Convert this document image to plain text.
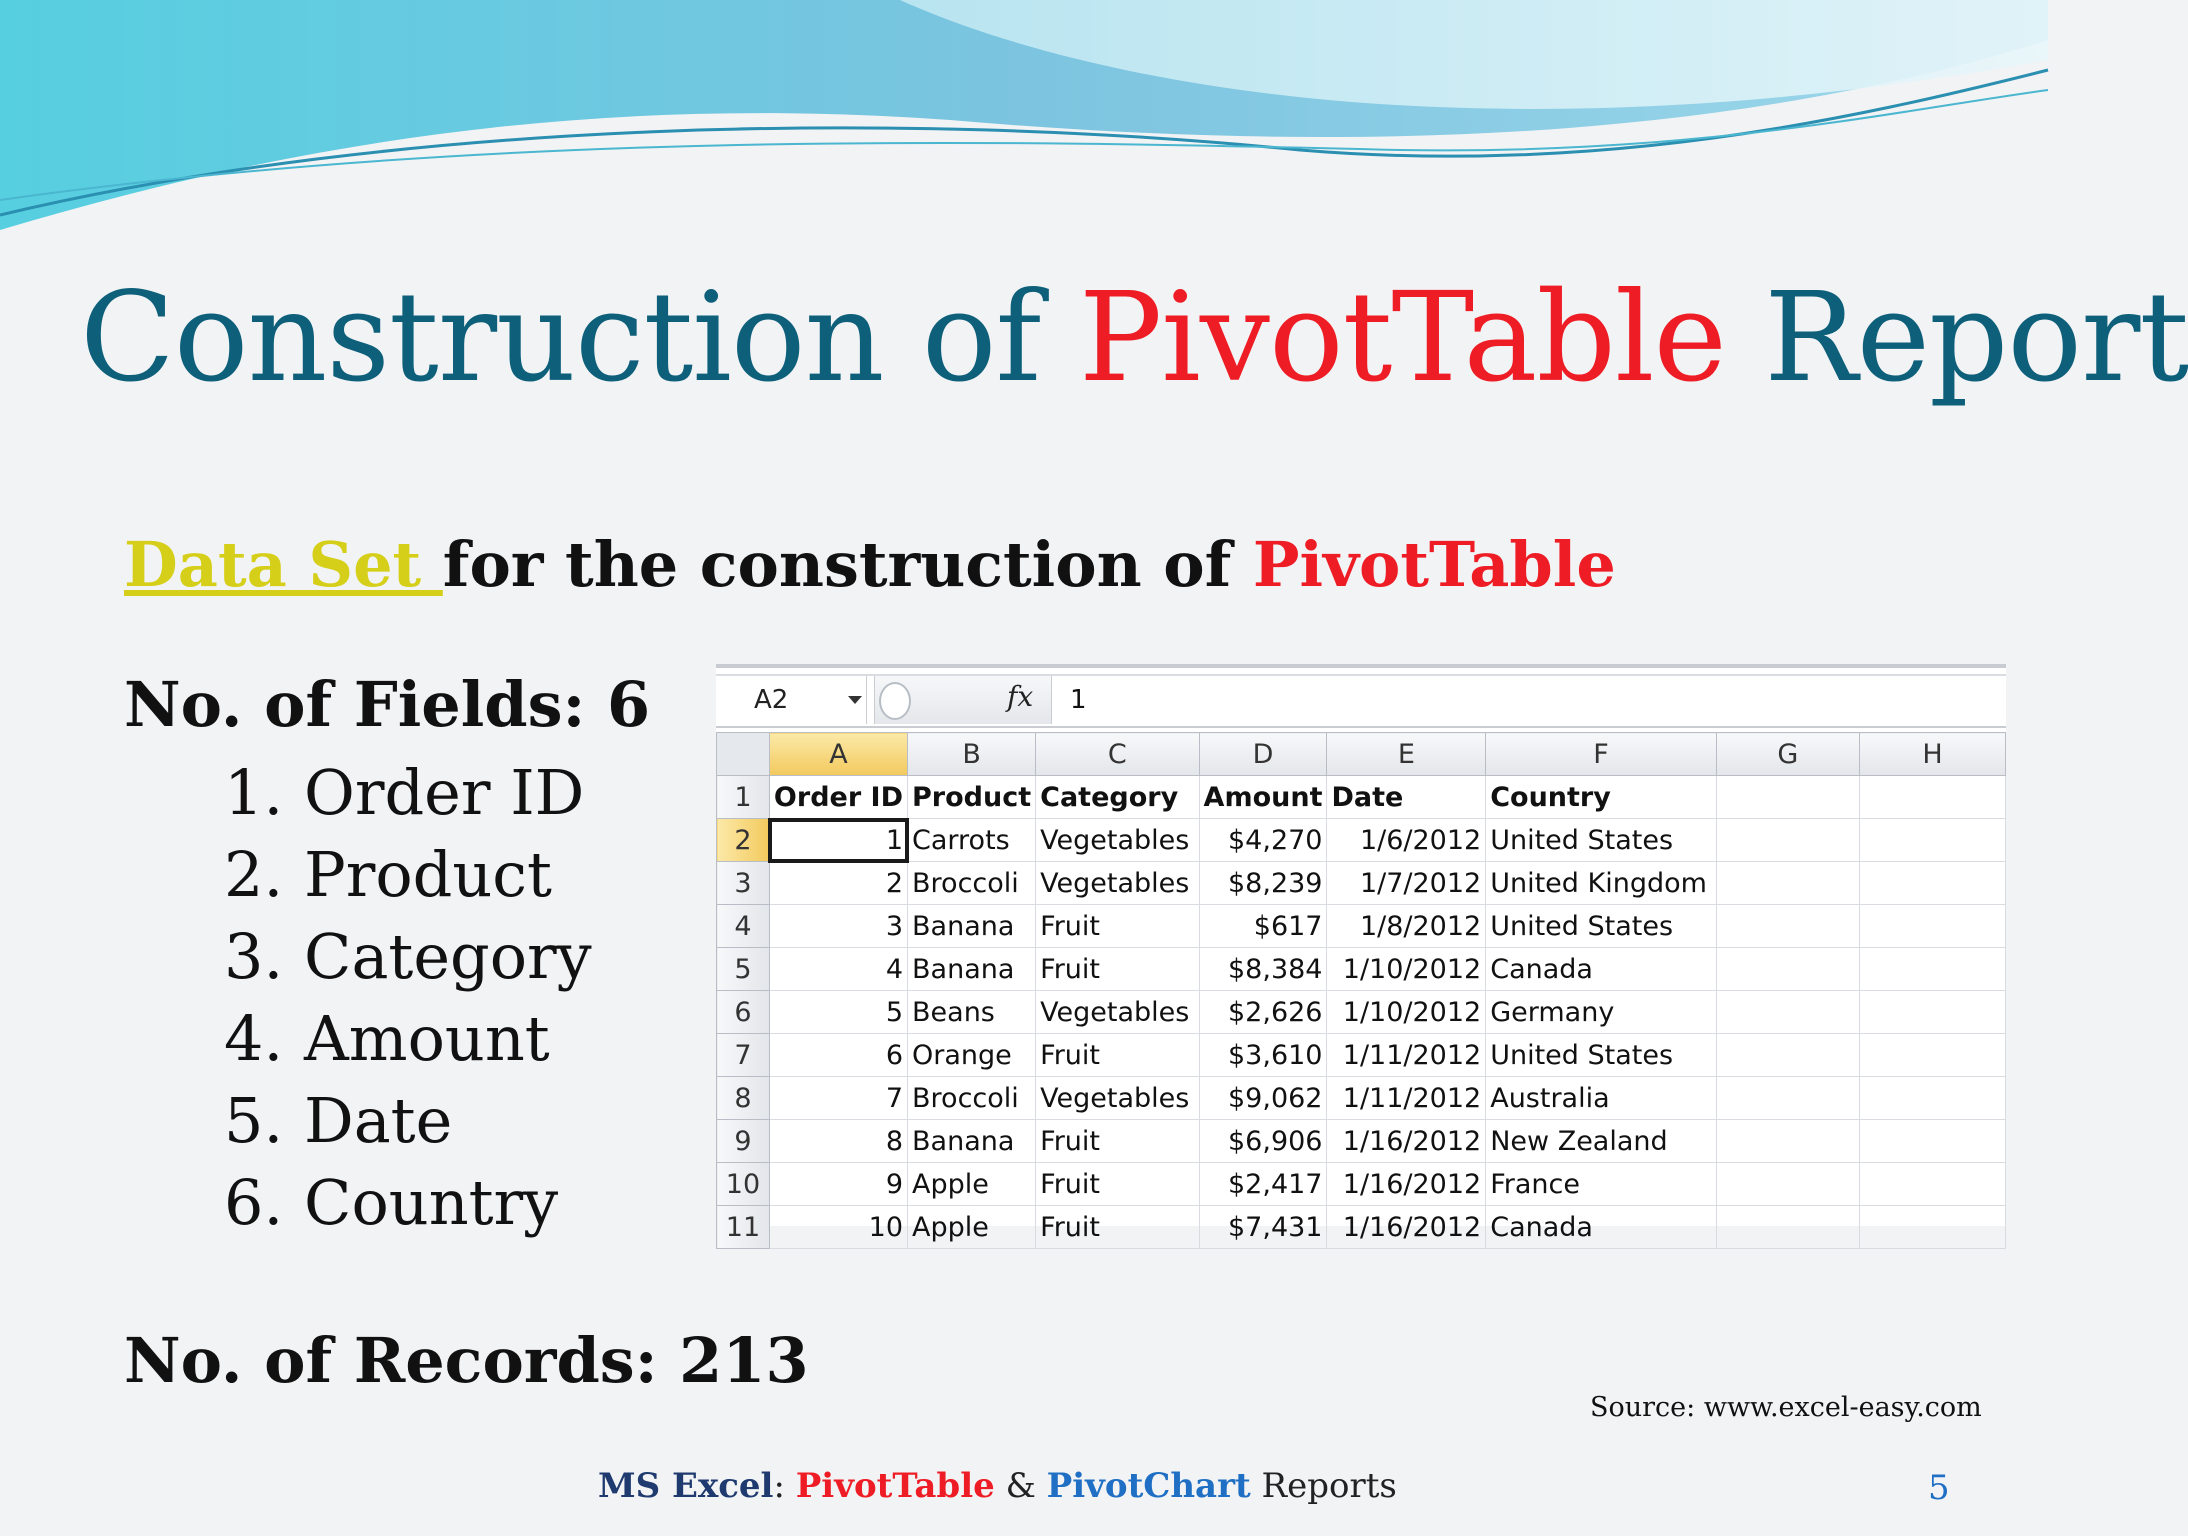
Construction of PivotTable Report
Data Set for the construction of PivotTable
No. of Fields: 6
1. Order ID
2. Product
3. Category
4. Amount
5. Date
6. Country
No. of Records: 213
A2	fx 1
	A	B	C	D	E	F	G	H
1	Order ID	Product	Category	Amount	Date	Country		
2	1	Carrots	Vegetables	$4,270	1/6/2012	United States		
3	2	Broccoli	Vegetables	$8,239	1/7/2012	United Kingdom		
4	3	Banana	Fruit	$617	1/8/2012	United States		
5	4	Banana	Fruit	$8,384	1/10/2012	Canada		
6	5	Beans	Vegetables	$2,626	1/10/2012	Germany		
7	6	Orange	Fruit	$3,610	1/11/2012	United States		
8	7	Broccoli	Vegetables	$9,062	1/11/2012	Australia		
9	8	Banana	Fruit	$6,906	1/16/2012	New Zealand		
10	9	Apple	Fruit	$2,417	1/16/2012	France		
11	10	Apple	Fruit	$7,431	1/16/2012	Canada		
Source: www.excel-easy.com
MS Excel: PivotTable & PivotChart Reports	5
